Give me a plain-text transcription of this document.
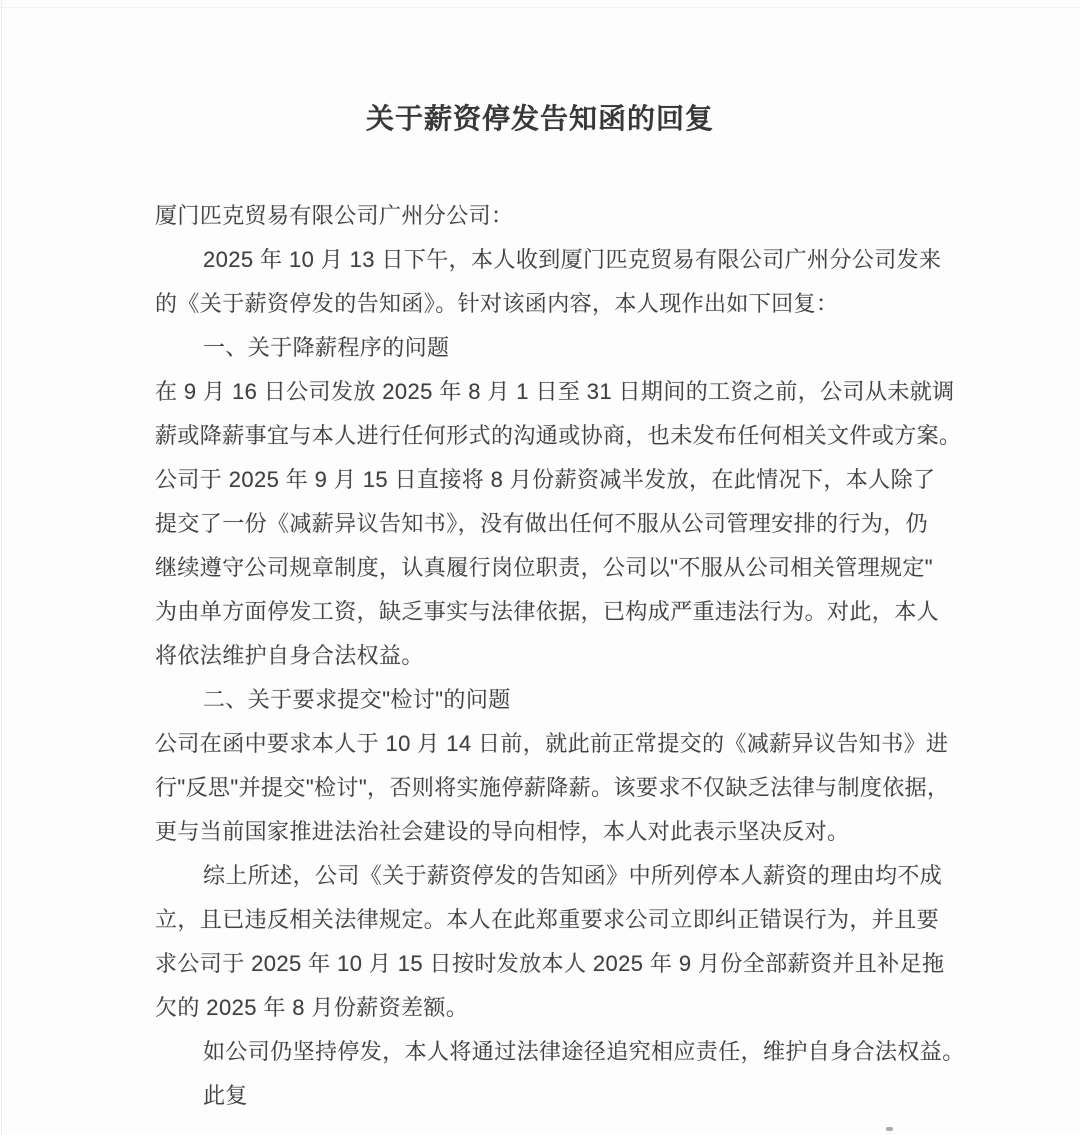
关于薪资停发告知函的回复
厦门匹克贸易有限公司广州分公司：
2025 年 10 月 13 日下午，本人收到厦门匹克贸易有限公司广州分公司发来
的《关于薪资停发的告知函》。针对该函内容，本人现作出如下回复：
一、关于降薪程序的问题
在 9 月 16 日公司发放 2025 年 8 月 1 日至 31 日期间的工资之前，公司从未就调
薪或降薪事宜与本人进行任何形式的沟通或协商，也未发布任何相关文件或方案。
公司于 2025 年 9 月 15 日直接将 8 月份薪资减半发放，在此情况下，本人除了
提交了一份《减薪异议告知书》，没有做出任何不服从公司管理安排的行为，仍
继续遵守公司规章制度，认真履行岗位职责，公司以"不服从公司相关管理规定"
为由单方面停发工资，缺乏事实与法律依据，已构成严重违法行为。对此，本人
将依法维护自身合法权益。
二、关于要求提交"检讨"的问题
公司在函中要求本人于 10 月 14 日前，就此前正常提交的《减薪异议告知书》进
行"反思"并提交"检讨"，否则将实施停薪降薪。该要求不仅缺乏法律与制度依据，
更与当前国家推进法治社会建设的导向相悖，本人对此表示坚决反对。
综上所述，公司《关于薪资停发的告知函》中所列停本人薪资的理由均不成
立，且已违反相关法律规定。本人在此郑重要求公司立即纠正错误行为，并且要
求公司于 2025 年 10 月 15 日按时发放本人 2025 年 9 月份全部薪资并且补足拖
欠的 2025 年 8 月份薪资差额。
如公司仍坚持停发，本人将通过法律途径追究相应责任，维护自身合法权益。
此复
